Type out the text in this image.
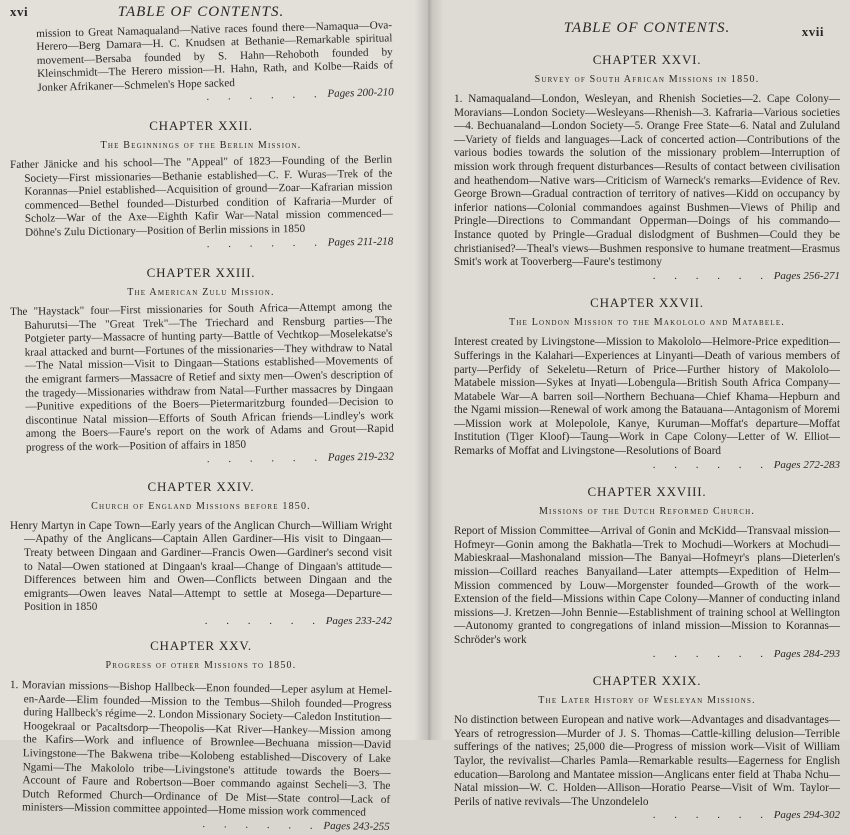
xvi	TABLE OF CONTENTS.
mission to Great Namaqualand—Native races found there—Namaqua—Ova-Herero—Berg Damara—H. C. Knudsen at Bethanie—Remarkable spiritual movement—Bersaba founded by S. Hahn—Rehoboth founded by Kleinschmidt—The Herero mission—H. Hahn, Rath, and Kolbe—Raids of Jonker Afrikaner—Schmelen's Hope sacked
. . . . . . Pages 200-210
CHAPTER XXII.
The Beginnings of the Berlin Mission.
Father Jänicke and his school—The "Appeal" of 1823—Founding of the Berlin Society—First missionaries—Bethanie established—C. F. Wuras—Trek of the Korannas—Pniel established—Acquisition of ground—Zoar—Kafrarian mission commenced—Bethel founded—Disturbed condition of Kafraria—Murder of Scholz—War of the Axe—Eighth Kafir War—Natal mission commenced—Döhne's Zulu Dictionary—Position of Berlin missions in 1850
. . . . . . Pages 211-218
CHAPTER XXIII.
The American Zulu Mission.
The "Haystack" four—First missionaries for South Africa—Attempt among the Bahurutsi—The "Great Trek"—The Triechard and Rensburg parties—The Potgieter party—Massacre of hunting party—Battle of Vechtkop—Moselekatse's kraal attacked and burnt—Fortunes of the missionaries—They withdraw to Natal—The Natal mission—Visit to Dingaan—Stations established—Movements of the emigrant farmers—Massacre of Retief and sixty men—Owen's description of the tragedy—Missionaries withdraw from Natal—Further massacres by Dingaan—Punitive expeditions of the Boers—Pietermaritzburg founded—Decision to discontinue Natal mission—Efforts of South African friends—Lindley's work among the Boers—Faure's report on the work of Adams and Grout—Rapid progress of the work—Position of affairs in 1850
. . . . . . Pages 219-232
CHAPTER XXIV.
Church of England Missions before 1850.
Henry Martyn in Cape Town—Early years of the Anglican Church—William Wright—Apathy of the Anglicans—Captain Allen Gardiner—His visit to Dingaan—Treaty between Dingaan and Gardiner—Francis Owen—Gardiner's second visit to Natal—Owen stationed at Dingaan's kraal—Change of Dingaan's attitude—Differences between him and Owen—Conflicts between Dingaan and the emigrants—Owen leaves Natal—Attempt to settle at Mosega—Departure—Position in 1850
. . . . . . Pages 233-242
CHAPTER XXV.
Progress of other Missions to 1850.
1. Moravian missions—Bishop Hallbeck—Enon founded—Leper asylum at Hemel-en-Aarde—Elim founded—Mission to the Tembus—Shiloh founded—Progress during Hallbeck's régime—2. London Missionary Society—Caledon Institution—Hoogekraal or Pacaltsdorp—Theopolis—Kat River—Hankey—Mission among the Kafirs—Work and influence of Brownlee—Bechuana mission—David Livingstone—The Bakwena tribe—Kolobeng established—Discovery of Lake Ngami—The Makololo tribe—Livingstone's attitude towards the Boers—Account of Faure and Robertson—Boer commando against Secheli—3. The Dutch Reformed Church—Ordinance of De Mist—State control—Lack of ministers—Mission committee appointed—Home mission work commenced
. . . . . . Pages 243-255
TABLE OF CONTENTS.	xvii
CHAPTER XXVI.
Survey of South African Missions in 1850.
1. Namaqualand—London, Wesleyan, and Rhenish Societies—2. Cape Colony—Moravians—London Society—Wesleyans—Rhenish—3. Kafraria—Various societies—4. Bechuanaland—London Society—5. Orange Free State—6. Natal and Zululand—Variety of fields and languages—Lack of concerted action—Contributions of the various bodies towards the solution of the missionary problem—Interruption of mission work through frequent disturbances—Results of contact between civilisation and heathendom—Native wars—Criticism of Warneck's remarks—Evidence of Rev. George Brown—Gradual contraction of territory of natives—Kidd on occupancy by inferior nations—Colonial commandoes against Bushmen—Views of Philip and Pringle—Directions to Commandant Opperman—Doings of his commando—Instance quoted by Pringle—Gradual dislodgment of Bushmen—Could they be christianised?—Theal's views—Bushmen responsive to humane treatment—Erasmus Smit's work at Tooverberg—Faure's testimony
. . . . . . Pages 256-271
CHAPTER XXVII.
The London Mission to the Makololo and Matabele.
Interest created by Livingstone—Mission to Makololo—Helmore-Price expedition—Sufferings in the Kalahari—Experiences at Linyanti—Death of various members of party—Perfidy of Sekeletu—Return of Price—Further history of Makololo—Matabele mission—Sykes at Inyati—Lobengula—British South Africa Company—Matabele War—A barren soil—Northern Bechuana—Chief Khama—Hepburn and the Ngami mission—Renewal of work among the Batauana—Antagonism of Moremi—Mission work at Molepolole, Kanye, Kuruman—Moffat's departure—Moffat Institution (Tiger Kloof)—Taung—Work in Cape Colony—Letter of W. Elliot—Remarks of Moffat and Livingstone—Resolutions of Board
. . . . . . Pages 272-283
CHAPTER XXVIII.
Missions of the Dutch Reformed Church.
Report of Mission Committee—Arrival of Gonin and McKidd—Transvaal mission—Hofmeyr—Gonin among the Bakhatla—Trek to Mochudi—Workers at Mochudi—Mabieskraal—Mashonaland mission—The Banyai—Hofmeyr's plans—Dieterlen's mission—Coillard reaches Banyailand—Later attempts—Expedition of Helm—Mission commenced by Louw—Morgenster founded—Growth of the work—Extension of the field—Missions within Cape Colony—Manner of conducting inland missions—J. Kretzen—John Bennie—Establishment of training school at Wellington—Autonomy granted to congregations of inland mission—Mission to Korannas—Schröder's work
. . . . . . Pages 284-293
CHAPTER XXIX.
The Later History of Wesleyan Missions.
No distinction between European and native work—Advantages and disadvantages—Years of retrogression—Murder of J. S. Thomas—Cattle-killing delusion—Terrible sufferings of the natives; 25,000 die—Progress of mission work—Visit of William Taylor, the revivalist—Charles Pamla—Remarkable results—Eagerness for English education—Barolong and Mantatee mission—Anglicans enter field at Thaba Nchu—Natal mission—W. C. Holden—Allison—Horatio Pearse—Visit of Wm. Taylor—Perils of native revivals—The Unzondelelo
. . . . . . Pages 294-302
